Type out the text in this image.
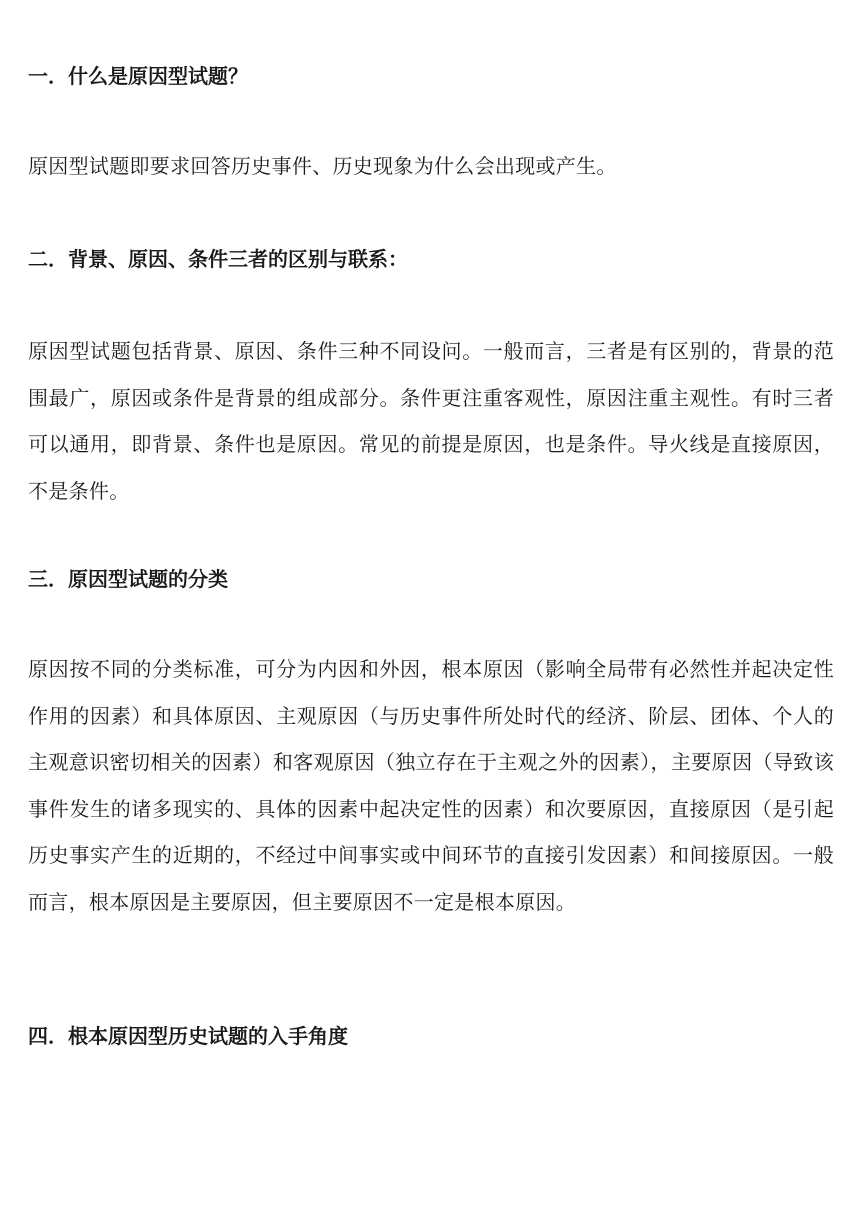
一．什么是原因型试题？

原因型试题即要求回答历史事件、历史现象为什么会出现或产生。

二．背景、原因、条件三者的区别与联系：

原因型试题包括背景、原因、条件三种不同设问。一般而言，三者是有区别的，背景的范围最广，原因或条件是背景的组成部分。条件更注重客观性，原因注重主观性。有时三者可以通用，即背景、条件也是原因。常见的前提是原因，也是条件。导火线是直接原因，不是条件。

三．原因型试题的分类

原因按不同的分类标准，可分为内因和外因，根本原因（影响全局带有必然性并起决定性作用的因素）和具体原因、主观原因（与历史事件所处时代的经济、阶层、团体、个人的主观意识密切相关的因素）和客观原因（独立存在于主观之外的因素），主要原因（导致该事件发生的诸多现实的、具体的因素中起决定性的因素）和次要原因，直接原因（是引起历史事实产生的近期的，不经过中间事实或中间环节的直接引发因素）和间接原因。一般而言，根本原因是主要原因，但主要原因不一定是根本原因。

四．根本原因型历史试题的入手角度
